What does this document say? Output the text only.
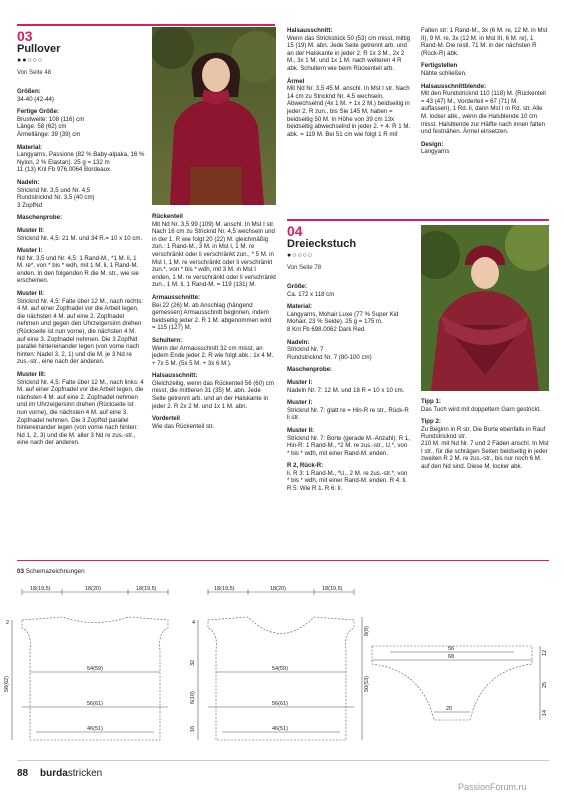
03
Pullover
●●○○○
Von Seite 48

Größen:
34-40 (42-44)

Fertige Größe:
Brustweite: 108 (116) cm
Länge: 58 (62) cm
Ärmellänge: 39 (39) cm

Material:
Langyarns, Passione (82 % Baby-alpaka, 16 % Nylon, 2 % Elastan). 25 g = 132 m
11 (13) Knl Fb 976.0064 Bordeaux.

Nadeln:
Stricknd Nr. 3,5 und Nr. 4,5
Rundstricknd Nr. 3,5 (40 cm)
3 ZopfNd

Maschenprobe:

Muster II:
Stricknd Nr. 4,5: 21 M. und 34 R.= 10 x 10 cm.

Muster I:
Nd Nr. 3,5 und Nr. 4,5: 1 Rand-M., *1 M. li, 1 M. re*, von * bis * wdh, mit 1 M. li, 1 Rand-M. enden. In den folgenden R die M. str., wie sie erscheinen.

Muster II:
Stricknd Nr. 4,5: Falte über 12 M., nach rechts: 4 M. auf einer Zopfnadel vor die Arbeit legen, die nächsten 4 M. auf eine 2. Zopfnadel nehmen und gegen den Uhrzeigersinn drehen (Rückseite ist nun vorne), die nächsten 4 M. auf eine 3. Zopfnadel nehmen. Die 3 ZopfNd parallel hintereinander legen (von vorne nach hinten: Nadel 3, 2, 1) und die M. je 3 Nd re zus.-str., eine nach der anderen.

Muster III:
Stricknd Nr. 4,5: Falte über 12 M., nach links: 4 M. auf einer Zopfnadel vor die Arbeit legen, die nächsten 4 M. auf eine 2. Zopfnadel nehmen und im Uhrzeigersinn drehen (Rückseite ist nun vorne), die nächsten 4 M. auf eine 3. Zopfnadel nehmen. Die 3 ZopfNd parallel hintereinander legen (von vorne nach hinten: Nd 1, 2, 3) und die M. aller 3 Nd re zus.-str., eine nach der anderen.

Rückenteil
Mit Nd Nr. 3,5 99 (109) M. anschl. In Mst I str. Nach 16 cm zu Stricknd Nr. 4,5 wechseln und in der 1. R wie folgt 20 (22) M. gleichmäßig zun.: 1 Rand-M., 3 M. in Mst I, 1 M. re verschränkt oder li verschränkt zun., * 5 M. in Mst I, 1 M. re verschränkt oder li verschränkt zun.*, von * bis * wdh, mit 3 M. in Mst I enden, 1 M. re verschränkt oder li verschränkt zun., 1 M. li, 1 Rand-M. = 119 (131) M.

Armausschnitte:
Bei 22 (26) M. ab Anschlag (hängend gemessen) Armausschnitt beginnen, indem beidseitig jeder 2. R 1 M. abgenommen wird = 115 (127) M.

Schultern:
Wenn der Armausschnitt 32 cm misst, an jedem Ende jeder 2. R wie folgt abk.: 1x 4 M. + 7x 5 M. (5x 5 M. + 3x 6 M.).

Halsausschnitt:
Gleichzeitig, wenn das Rückenteil 56 (60) cm misst, die mittleren 31 (35) M. abn. Jede Seite getrennt arb. und an der Halskante in jeder 2. R 2x 2 M. und 1x 1 M. abn.

Vorderteil
Wie das Rückenteil str.

Halsausschnitt:
Wenn das Strickstück 50 (53) cm misst, mittig 15 (19) M. abn. Jede Seite getrennt arb. und an der Halskante in jeder 2. R 1x 3 M., 2x 2 M., 3x 1 M. und 1x 1 M. nach welteren 4 R abk. Schultern wie beim Rückenteil arb.

Ärmel
Mit Nd Nr. 3,5 45 M. anschl. In Mst I str. Nach 14 cm zu Stricknd Nr. 4,5 wechseln. Abwechselnd (4x 1 M. + 1x 2 M.) beidseitig in jeder 2. R zun., bis Sie 145 M. haben = beidseitig 50 M. In Höhe von 39 cm 13x beidseitig abwechselnd in jeder 2. + 4. R 1 M. abk. = 119 M. Bei 51 cm wie folgt 1 R mit

Falten str: 1 Rand-M., 3x (6 M. re, 12 M. in Mst II), 9 M. re, 3x (12 M. in Mst III, 6 M. re), 1 Rand-M. Die restl. 71 M. in der nächsten R (Rück-R) abk.

Fertigstellen
Nähte schließen.

Halsausschnittblende:
Mit den Rundstricknd 110 (118) M. (Rückenteil = 43 (47) M., Vorderteil = 67 (71) M. auffassen), 1 Rd. li, dann Mst I in Rd. str. Alle M. locker abk., wenn die Halsblende 10 cm misst. Halsblende zur Hälfte nach innen falten und festnähen. Ärmel einsetzen.

Design:
Langyarns

04
Dreieckstuch
●○○○○
Von Seite 78

Größe:
Ca. 172 x 118 cm

Material:
Langyarns, Mohair Luxe (77 % Super Kid Mohair, 23 % Seide). 25 g = 175 m.
8 Knl Fb 698.0062 Dark Red

Nadeln:
Stricknd Nr. 7
Rundstricknd Nr. 7 (80-100 cm)

Maschenprobe:

Muster I:
Nadeln Nr. 7: 12 M. und 18 R = 10 x 10 cm.

Muster I:
Stricknd Nr. 7: glatt re = Hin-R re str., Rück-R li str.

Muster II:
Stricknd Nr. 7: Borte (gerade M.-Anzahl): R 1, Hin-R: 1 Rand-M., *2 M. re zus.-str., U.*, von * bis * wdh, mit einer Rand-M. enden.

R 2, Rück-R:
li. R 3: 1 Rand-M., *U., 2 M. re zus.-str.*, von * bis * wdh, mit einer Rand-M. enden. R 4: li. R 5: Wie R 1. R 6: li.

Tipp 1:
Das Tuch wird mit doppeltem Garn gestrickt.

Tipp 2:
Zu Beginn in R str. Die Borte ebenfalls in Rauf Rundstricknd str.

210 M. mit Nd Nr. 7 und 2 Fäden anschl. In Mst I str., für die schrägen Seiten beidseitig in jeder zweiten R 2 M. re zus.-str., bis nur noch 6 M. auf den Nd sind. Diese M. locker abk.

03 Schemazeichnungen
18(19,5)	18(20)	18(19,5)
54(59)
56(61)
46(51)
2
58(62)
18(19,5)	18(20)	18(19,5)
54(59)
56(61)
46(51)
4
32
6(10)
16
8(9)
50(53)
56
68
20
12
25
14
88 burdastricken
PassionForum.ru
